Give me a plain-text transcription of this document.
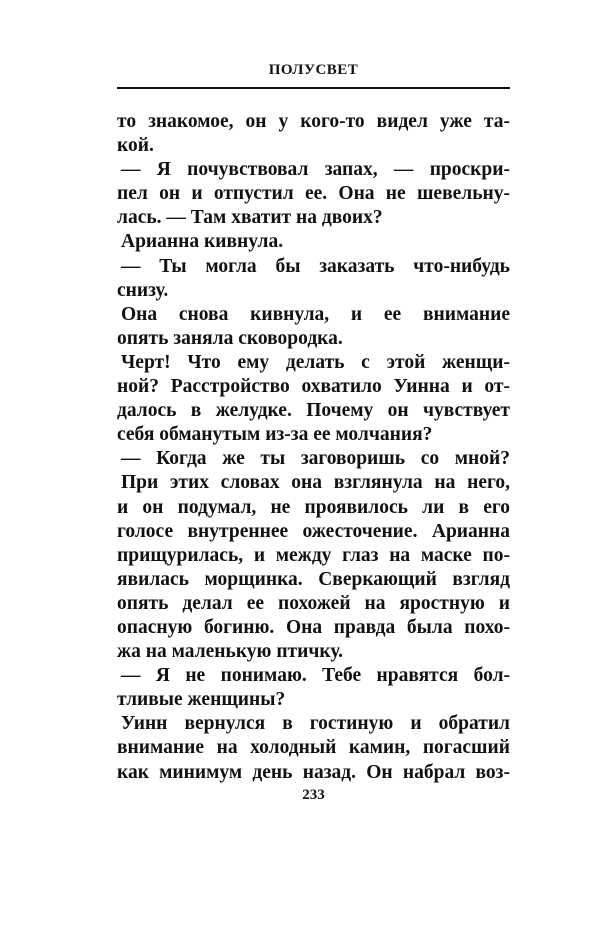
ПОЛУСВЕТ
то знакомое, он у кого-то видел уже та-
кой.
— Я почувствовал запах, — проскри-
пел он и отпустил ее. Она не шевельну-
лась. — Там хватит на двоих?
Арианна кивнула.
— Ты могла бы заказать что-нибудь
снизу.
Она снова кивнула, и ее внимание
опять заняла сковородка.
Черт! Что ему делать с этой женщи-
ной? Расстройство охватило Уинна и от-
далось в желудке. Почему он чувствует
себя обманутым из-за ее молчания?
— Когда же ты заговоришь со мной?
При этих словах она взглянула на него,
и он подумал, не проявилось ли в его
голосе внутреннее ожесточение. Арианна
прищурилась, и между глаз на маске по-
явилась морщинка. Сверкающий взгляд
опять делал ее похожей на яростную и
опасную богиню. Она правда была похо-
жа на маленькую птичку.
— Я не понимаю. Тебе нравятся бол-
тливые женщины?
Уинн вернулся в гостиную и обратил
внимание на холодный камин, погасший
как минимум день назад. Он набрал воз-
233
